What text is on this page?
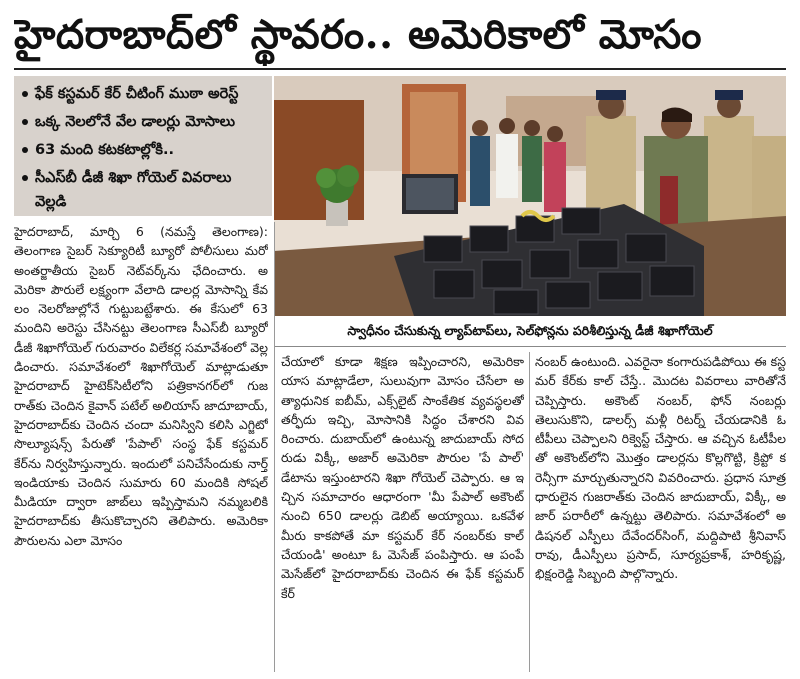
హైదరాబాద్‌లో స్థావరం.. అమెరికాలో మోసం
ఫేక్ కస్టమర్ కేర్ చీటింగ్ ముఠా అరెస్ట్
ఒక్క నెలలోనే వేల డాలర్లు మోసాలు
63 మంది కటకటాల్లోకి..
సీఎస్‌బీ డీజీ శిఖా గోయెల్ వివరాలు వెల్లడి
స్వాధీనం చేసుకున్న ల్యాప్‌టాప్‌లు, సెల్‌ఫోన్లను పరిశీలిస్తున్న డీజీ శిఖాగోయెల్
హైదరాబాద్, మార్చి 6 (నమస్తే తెలంగాణ): తెలంగాణ సైబర్ సెక్యూరిటీ బ్యూరో పోలీసులు మరో అంతర్జాతీయ సైబర్ నెట్‌వర్క్‌ను ఛేదించారు. అమెరికా పౌరులే లక్ష్యంగా వేలాది డాలర్ల మోసాన్ని కేవలం నెలరోజుల్లోనే గుట్టుబట్టేశారు. ఈ కేసులో 63 మందిని అరెస్టు చేసినట్టు తెలంగాణ సీఎస్‌బీ బ్యూరో డీజీ శిఖాగోయెల్ గురువారం విలేకర్ల సమావేశంలో వెల్లడించారు. సమావేశంలో శిఖాగోయెల్ మాట్లాడుతూ హైదరాబాద్ హైటెక్‌సిటీలోని పత్రికానగర్‌లో గుజరాత్‌కు చెందిన కైవాన్ పటేల్ అలియాస్ జాదూబాయ్, హైదరాబాద్‌కు చెందిన చందా మనిస్విని కలిసి ఎగ్జిటో సొల్యూషన్స్ పేరుతో 'పేపాల్' సంస్థ ఫేక్ కస్టమర్ కేర్‌ను నిర్వహిస్తున్నారు. ఇందులో పనిచేసేందుకు నార్త్ ఇండియాకు చెందిన సుమారు 60 మందికి సోషల్ మీడియా ద్వారా జాబ్‌లు ఇప్పిస్తామని నమ్మబలికి హైదరాబాద్‌కు తీసుకొచ్చారని తెలిపారు. అమెరికా పౌరులను ఎలా మోసం
చేయాలో కూడా శిక్షణ ఇప్పించారని, అమెరికా యాస మాట్లాడేలా, సులువుగా మోసం చేసేలా అత్యాధునిక ఐబీమ్, ఎక్స్‌లైట్ సాంకేతిక వ్యవస్థలతో తర్ఫీదు ఇచ్చి, మోసానికి సిద్ధం చేశారని వివరించారు. దుబాయ్‌లో ఉంటున్న జాదుబాయ్ సోదరుడు విక్కీ, అజార్ అమెరికా పౌరుల 'పే పాల్' డేటాను ఇస్తుంటారని శిఖా గోయెల్ చెప్పారు. ఆ ఇచ్చిన సమాచారం ఆధారంగా 'మీ పేపాల్ అకౌంట్ నుంచి 650 డాలర్లు డెబిట్ అయ్యాయి. ఒకవేళ మీరు కాకపోతే మా కస్టమర్ కేర్ నంబర్‌కు కాల్ చేయండి' అంటూ ఓ మెసేజ్ పంపిస్తారు. ఆ పంపే మెసేజ్‌లో హైదరాబాద్‌కు చెందిన ఈ ఫేక్ కస్టమర్ కేర్
నంబర్ ఉంటుంది. ఎవరైనా కంగారుపడిపోయి ఈ కస్టమర్ కేర్‌కు కాల్ చేస్తే.. మొదట వివరాలు వారితోనే చెప్పిస్తారు. అకౌంట్ నంబర్, ఫోన్ నంబర్లు తెలుసుకొని, డాలర్స్ మళ్లీ రిటర్న్ చేయడానికి ఓటీపీలు చెప్పాలని రిక్వెస్ట్ చేస్తారు. ఆ వచ్చిన ఓటీపీలతో అకౌంట్‌లోని మొత్తం డాలర్లను కొల్లగొట్టి, క్రిప్టో కరెన్సీగా మార్చుతున్నారని వివరించారు. ప్రధాన సూత్రధారులైన గుజరాత్‌కు చెందిన జాదుబాయ్, విక్కీ, అజార్ పరారీలో ఉన్నట్టు తెలిపారు. సమావేశంలో అడిషనల్ ఎస్పీలు దేవేందర్‌సింగ్, మద్దిపాటి శ్రీనివాస్ రావు, డీఎస్పీలు ప్రసాద్, సూర్యప్రకాశ్, హరికృష్ణ, భిక్షంరెడ్డి సిబ్బంది పాల్గొన్నారు.
